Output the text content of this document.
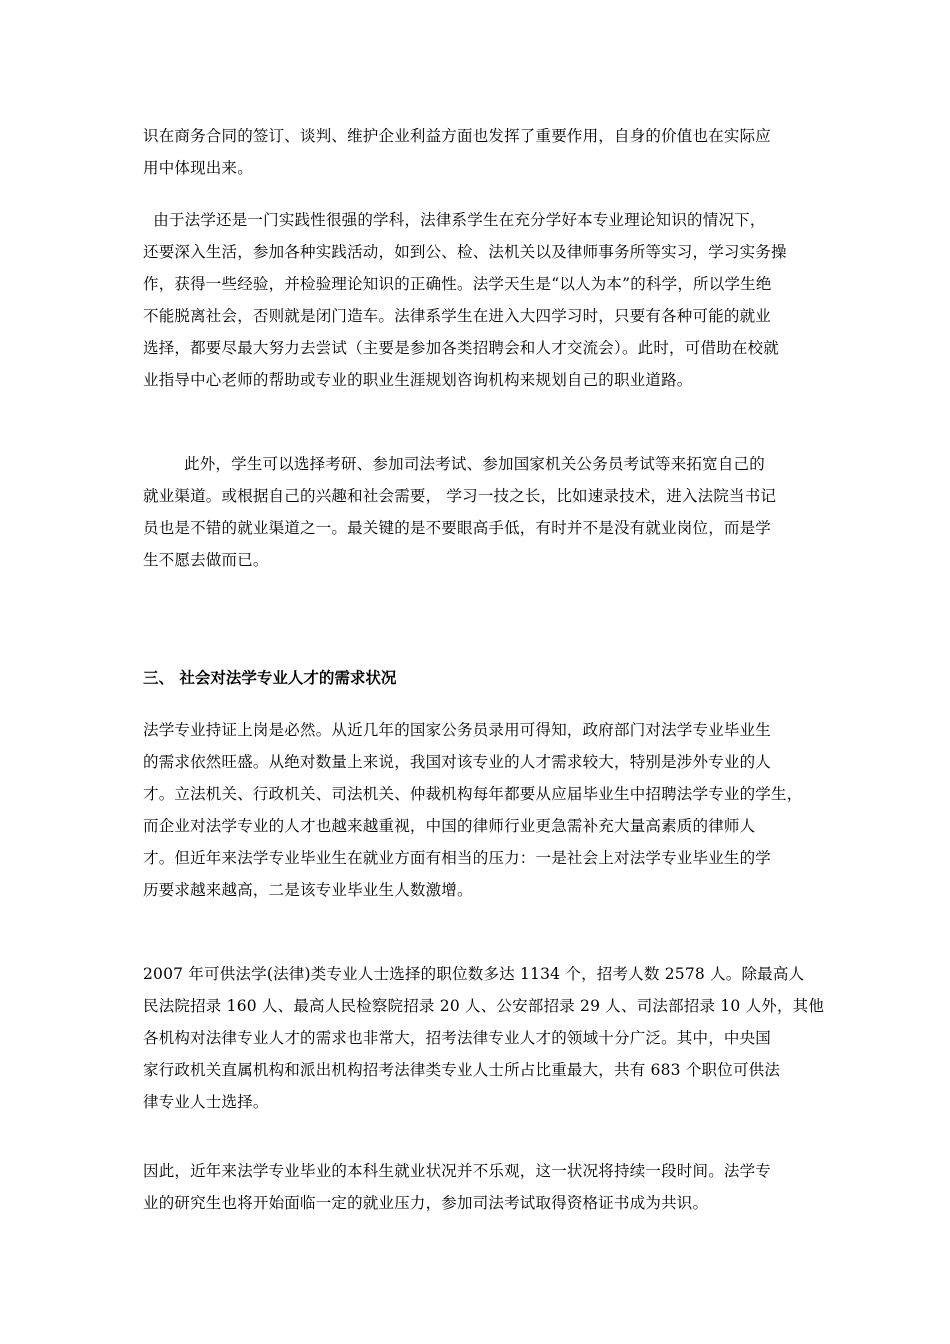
识在商务合同的签订、谈判、维护企业利益方面也发挥了重要作用，自身的价值也在实际应
用中体现出来。
由于法学还是一门实践性很强的学科，法律系学生在充分学好本专业理论知识的情况下，
还要深入生活，参加各种实践活动，如到公、检、法机关以及律师事务所等实习，学习实务操
作，获得一些经验，并检验理论知识的正确性。法学天生是“以人为本”的科学，所以学生绝
不能脱离社会，否则就是闭门造车。法律系学生在进入大四学习时，只要有各种可能的就业
选择，都要尽最大努力去尝试（主要是参加各类招聘会和人才交流会）。此时，可借助在校就
业指导中心老师的帮助或专业的职业生涯规划咨询机构来规划自己的职业道路。
此外，学生可以选择考研、参加司法考试、参加国家机关公务员考试等来拓宽自己的
就业渠道。或根据自己的兴趣和社会需要， 学习一技之长，比如速录技术，进入法院当书记
员也是不错的就业渠道之一。最关键的是不要眼高手低，有时并不是没有就业岗位，而是学
生不愿去做而已。
三、 社会对法学专业人才的需求状况
法学专业持证上岗是必然。从近几年的国家公务员录用可得知，政府部门对法学专业毕业生
的需求依然旺盛。从绝对数量上来说，我国对该专业的人才需求较大，特别是涉外专业的人
才。立法机关、行政机关、司法机关、仲裁机构每年都要从应届毕业生中招聘法学专业的学生，
而企业对法学专业的人才也越来越重视，中国的律师行业更急需补充大量高素质的律师人
才。但近年来法学专业毕业生在就业方面有相当的压力：一是社会上对法学专业毕业生的学
历要求越来越高，二是该专业毕业生人数激增。
2007 年可供法学(法律)类专业人士选择的职位数多达 1134 个，招考人数 2578 人。除最高人
民法院招录 160 人、最高人民检察院招录 20 人、公安部招录 29 人、司法部招录 10 人外，其他
各机构对法律专业人才的需求也非常大，招考法律专业人才的领域十分广泛。其中，中央国
家行政机关直属机构和派出机构招考法律类专业人士所占比重最大，共有 683 个职位可供法
律专业人士选择。
因此，近年来法学专业毕业的本科生就业状况并不乐观，这一状况将持续一段时间。法学专
业的研究生也将开始面临一定的就业压力，参加司法考试取得资格证书成为共识。
